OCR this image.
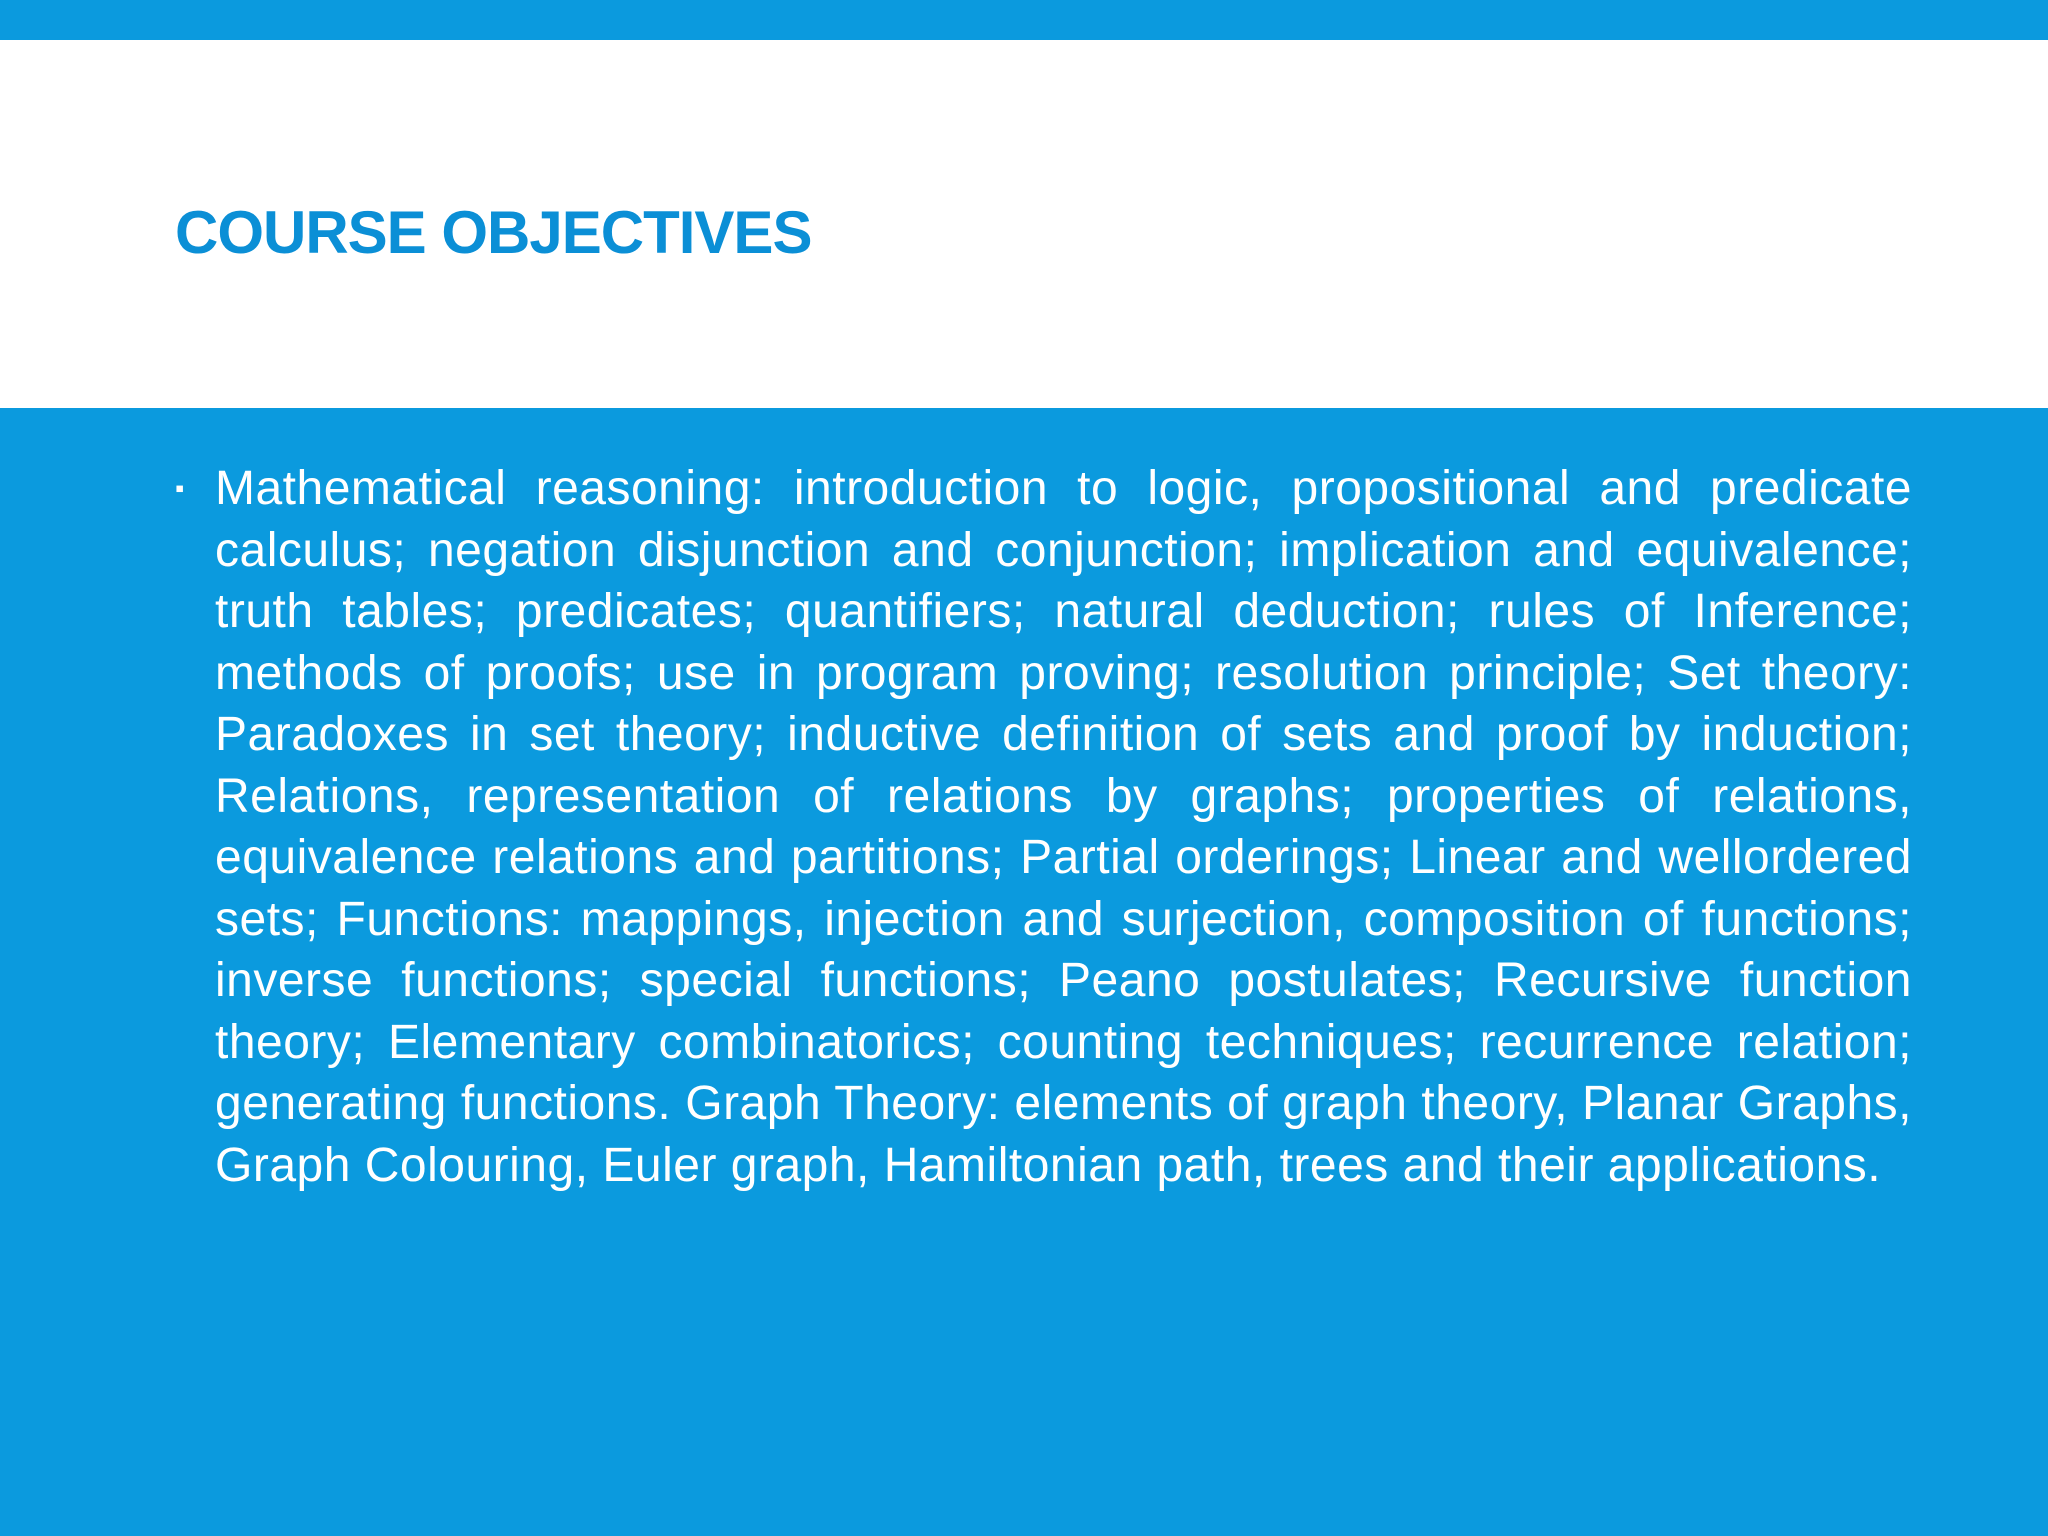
COURSE OBJECTIVES
▪ Mathematical reasoning: introduction to logic, propositional and predicate calculus; negation disjunction and conjunction; implication and equivalence; truth tables; predicates; quantifiers; natural deduction; rules of Inference; methods of proofs; use in program proving; resolution principle; Set theory: Paradoxes in set theory; inductive definition of sets and proof by induction; Relations, representation of relations by graphs; properties of relations, equivalence relations and partitions; Partial orderings; Linear and wellordered sets; Functions: mappings, injection and surjection, composition of functions; inverse functions; special functions; Peano postulates; Recursive function theory; Elementary combinatorics; counting techniques; recurrence relation; generating functions. Graph Theory: elements of graph theory, Planar Graphs, Graph Colouring, Euler graph, Hamiltonian path, trees and their applications.
